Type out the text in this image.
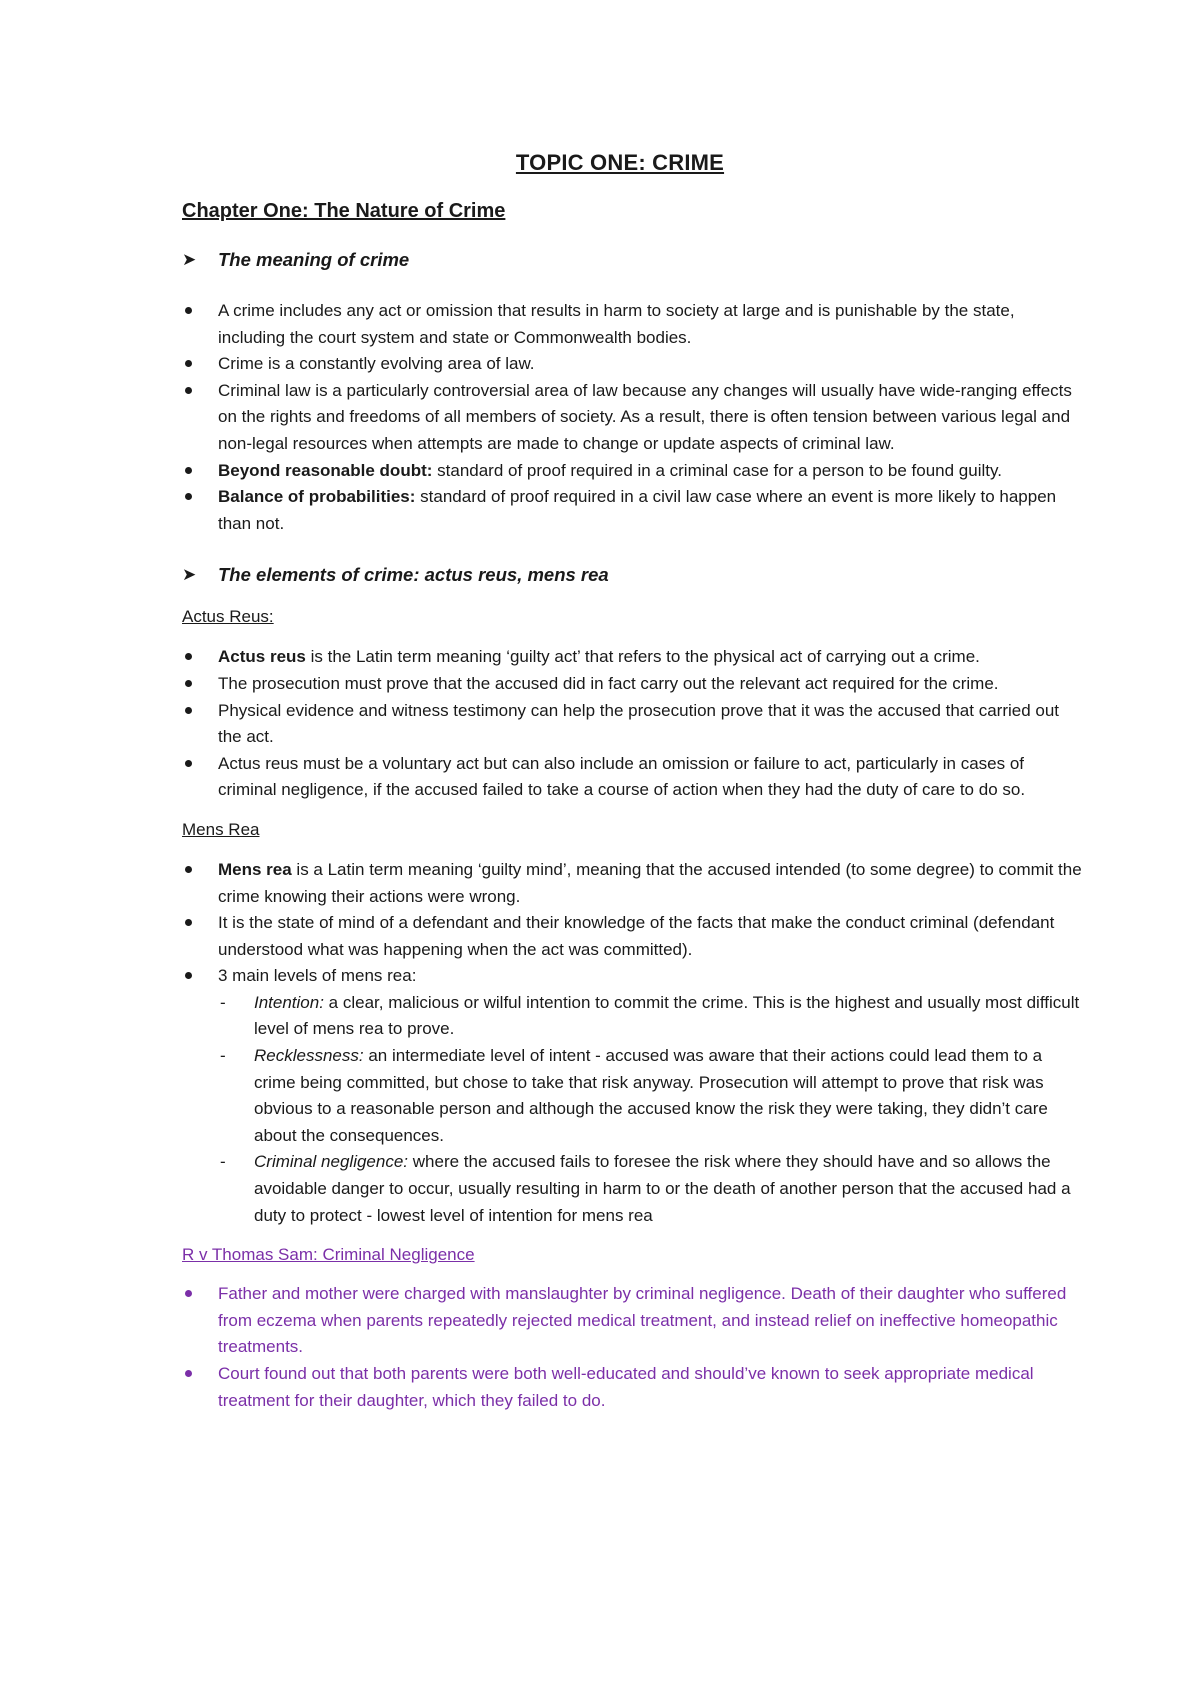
TOPIC ONE: CRIME
Chapter One: The Nature of Crime
➤ The meaning of crime
A crime includes any act or omission that results in harm to society at large and is punishable by the state, including the court system and state or Commonwealth bodies.
Crime is a constantly evolving area of law.
Criminal law is a particularly controversial area of law because any changes will usually have wide-ranging effects on the rights and freedoms of all members of society. As a result, there is often tension between various legal and non-legal resources when attempts are made to change or update aspects of criminal law.
Beyond reasonable doubt: standard of proof required in a criminal case for a person to be found guilty.
Balance of probabilities: standard of proof required in a civil law case where an event is more likely to happen than not.
➤ The elements of crime: actus reus, mens rea
Actus Reus:
Actus reus is the Latin term meaning ‘guilty act’ that refers to the physical act of carrying out a crime.
The prosecution must prove that the accused did in fact carry out the relevant act required for the crime.
Physical evidence and witness testimony can help the prosecution prove that it was the accused that carried out the act.
Actus reus must be a voluntary act but can also include an omission or failure to act, particularly in cases of criminal negligence, if the accused failed to take a course of action when they had the duty of care to do so.
Mens Rea
Mens rea is a Latin term meaning ‘guilty mind’, meaning that the accused intended (to some degree) to commit the crime knowing their actions were wrong.
It is the state of mind of a defendant and their knowledge of the facts that make the conduct criminal (defendant understood what was happening when the act was committed).
3 main levels of mens rea:
- Intention: a clear, malicious or wilful intention to commit the crime. This is the highest and usually most difficult level of mens rea to prove.
- Recklessness: an intermediate level of intent - accused was aware that their actions could lead them to a crime being committed, but chose to take that risk anyway. Prosecution will attempt to prove that risk was obvious to a reasonable person and although the accused know the risk they were taking, they didn’t care about the consequences.
- Criminal negligence: where the accused fails to foresee the risk where they should have and so allows the avoidable danger to occur, usually resulting in harm to or the death of another person that the accused had a duty to protect - lowest level of intention for mens rea
R v Thomas Sam: Criminal Negligence
Father and mother were charged with manslaughter by criminal negligence. Death of their daughter who suffered from eczema when parents repeatedly rejected medical treatment, and instead relief on ineffective homeopathic treatments.
Court found out that both parents were both well-educated and should’ve known to seek appropriate medical treatment for their daughter, which they failed to do.
